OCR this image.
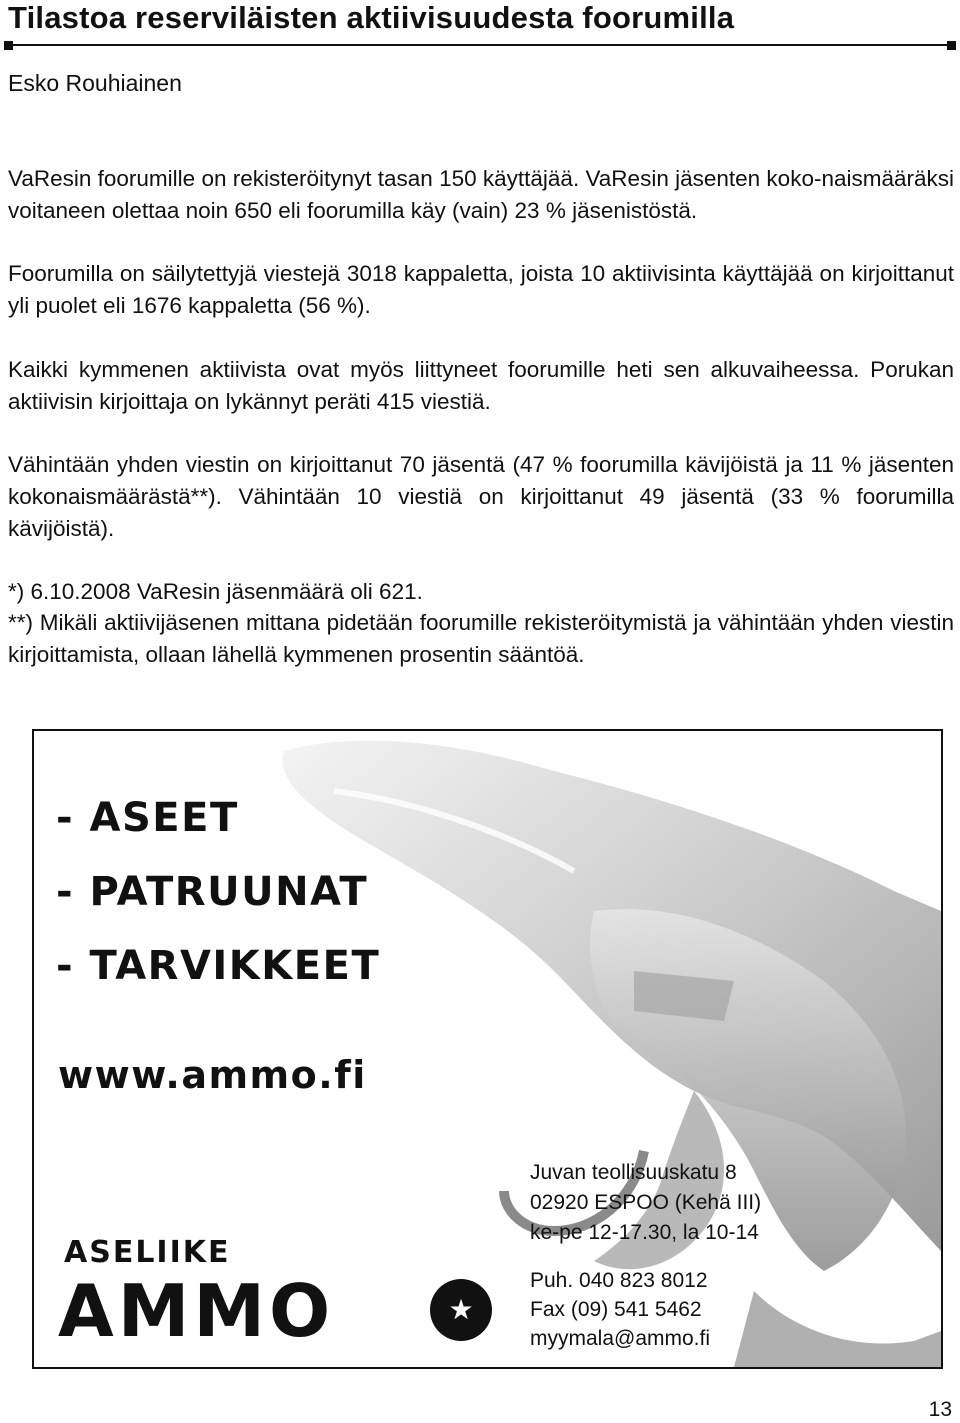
Tilastoa reserviläisten aktiivisuudesta foorumilla
Esko Rouhiainen
VaResin foorumille on rekisteröitynyt tasan 150 käyttäjää. VaResin jäsenten koko-naismääräksi voitaneen olettaa noin 650 eli foorumilla käy (vain) 23 % jäsenistöstä.
Foorumilla on säilytettyjä viestejä 3018 kappaletta, joista 10 aktiivisinta käyttäjää on kirjoittanut yli puolet eli 1676 kappaletta (56 %).
Kaikki kymmenen aktiivista ovat myös liittyneet foorumille heti sen alkuvaiheessa. Porukan aktiivisin kirjoittaja on lykännyt peräti 415 viestiä.
Vähintään yhden viestin on kirjoittanut 70 jäsentä (47 % foorumilla kävijöistä ja 11 % jäsenten kokonaismäärästä**). Vähintään 10 viestiä on kirjoittanut 49 jäsentä (33 % foorumilla kävijöistä).
*) 6.10.2008 VaResin jäsenmäärä oli 621.
**) Mikäli aktiivijäsenen mittana pidetään foorumille rekisteröitymistä ja vähintään yhden viestin kirjoittamista, ollaan lähellä kymmenen prosentin sääntöä.
- ASEET
- PATRUUNAT
- TARVIKKEET
www.ammo.fi
ASELIIKE
AMMO	★
Juvan teollisuuskatu 8
02920 ESPOO (Kehä III)
ke-pe 12-17.30, la 10-14
Puh. 040 823 8012
Fax (09) 541 5462
myymala@ammo.fi
13
